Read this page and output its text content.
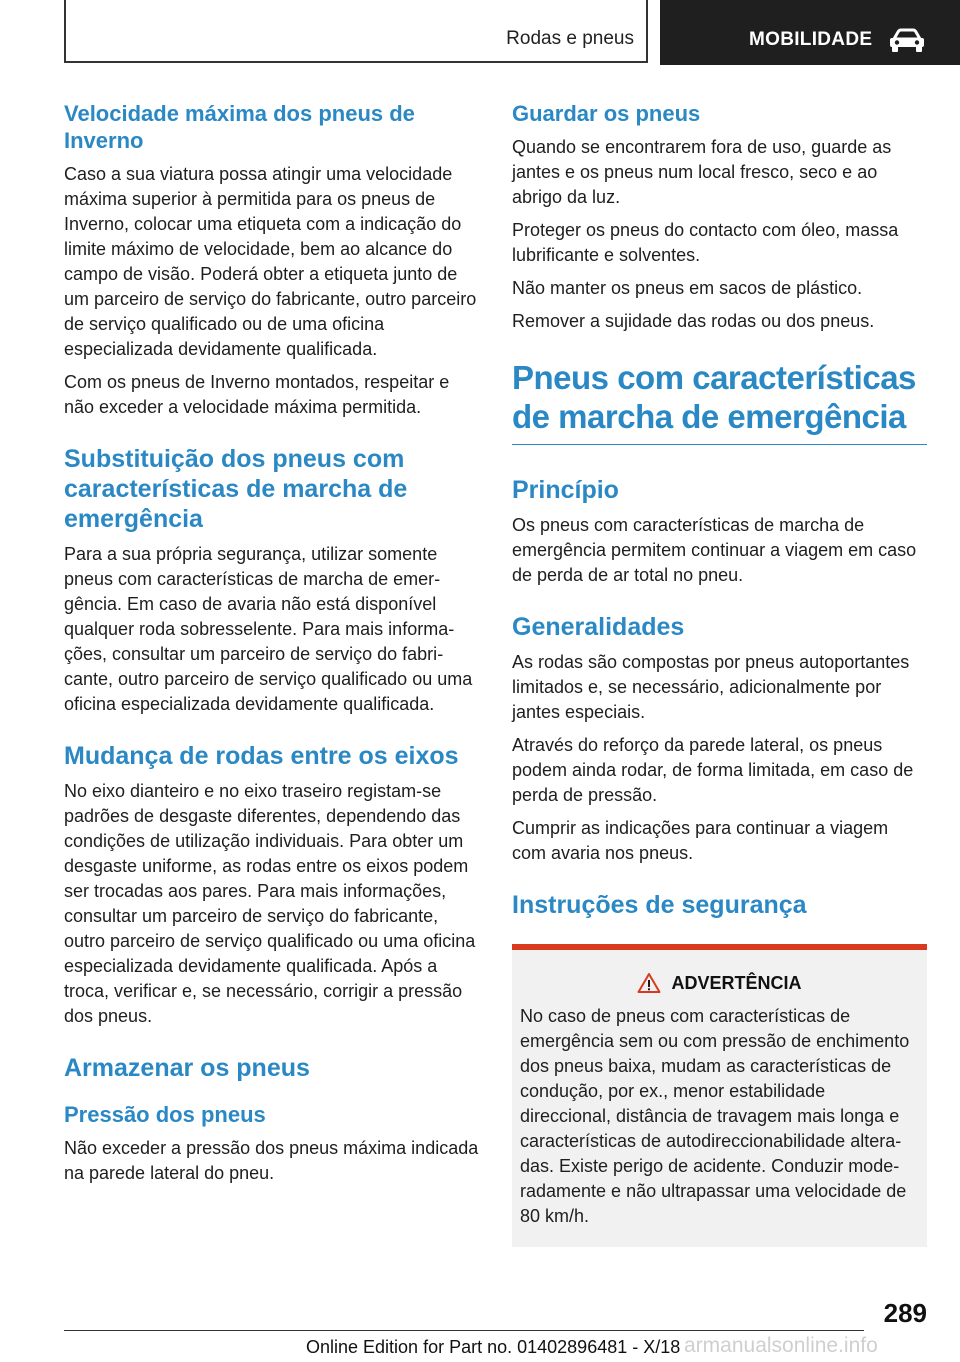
Rodas e pneus	MOBILIDADE
Velocidade máxima dos pneus de Inverno

Caso a sua viatura possa atingir uma velocidade máxima superior à permitida para os pneus de Inverno, colocar uma etiqueta com a indicação do limite máximo de velocidade, bem ao alcance do campo de visão. Poderá obter a etiqueta junto de um parceiro de serviço do fabricante, outro parceiro de serviço qualificado ou de uma oficina especializada devidamente qualificada.

Com os pneus de Inverno montados, respeitar e não exceder a velocidade máxima permitida.

Substituição dos pneus com características de marcha de emergência

Para a sua própria segurança, utilizar somente pneus com características de marcha de emergência. Em caso de avaria não está disponível qualquer roda sobresselente. Para mais informações, consultar um parceiro de serviço do fabricante, outro parceiro de serviço qualificado ou uma oficina especializada devidamente qualificada.

Mudança de rodas entre os eixos

No eixo dianteiro e no eixo traseiro registam-se padrões de desgaste diferentes, dependendo das condições de utilização individuais. Para obter um desgaste uniforme, as rodas entre os eixos podem ser trocadas aos pares. Para mais informações, consultar um parceiro de serviço do fabricante, outro parceiro de serviço qualificado ou uma oficina especializada devidamente qualificada. Após a troca, verificar e, se necessário, corrigir a pressão dos pneus.

Armazenar os pneus
Pressão dos pneus

Não exceder a pressão dos pneus máxima indicada na parede lateral do pneu.

Guardar os pneus

Quando se encontrarem fora de uso, guarde as jantes e os pneus num local fresco, seco e ao abrigo da luz.

Proteger os pneus do contacto com óleo, massa lubrificante e solventes.

Não manter os pneus em sacos de plástico.

Remover a sujidade das rodas ou dos pneus.

Pneus com características de marcha de emergência
Princípio

Os pneus com características de marcha de emergência permitem continuar a viagem em caso de perda de ar total no pneu.

Generalidades

As rodas são compostas por pneus autoportantes limitados e, se necessário, adicionalmente por jantes especiais.

Através do reforço da parede lateral, os pneus podem ainda rodar, de forma limitada, em caso de perda de pressão.

Cumprir as indicações para continuar a viagem com avaria nos pneus.

Instruções de segurança
ADVERTÊNCIA

No caso de pneus com características de emergência sem ou com pressão de enchimento dos pneus baixa, mudam as características de condução, por ex., menor estabilidade direccional, distância de travagem mais longa e características de autodireccionabilidade alteradas. Existe perigo de acidente. Conduzir moderadamente e não ultrapassar uma velocidade de 80 km/h.

289
armanualsonline.info
Online Edition for Part no. 01402896481 - X/18
